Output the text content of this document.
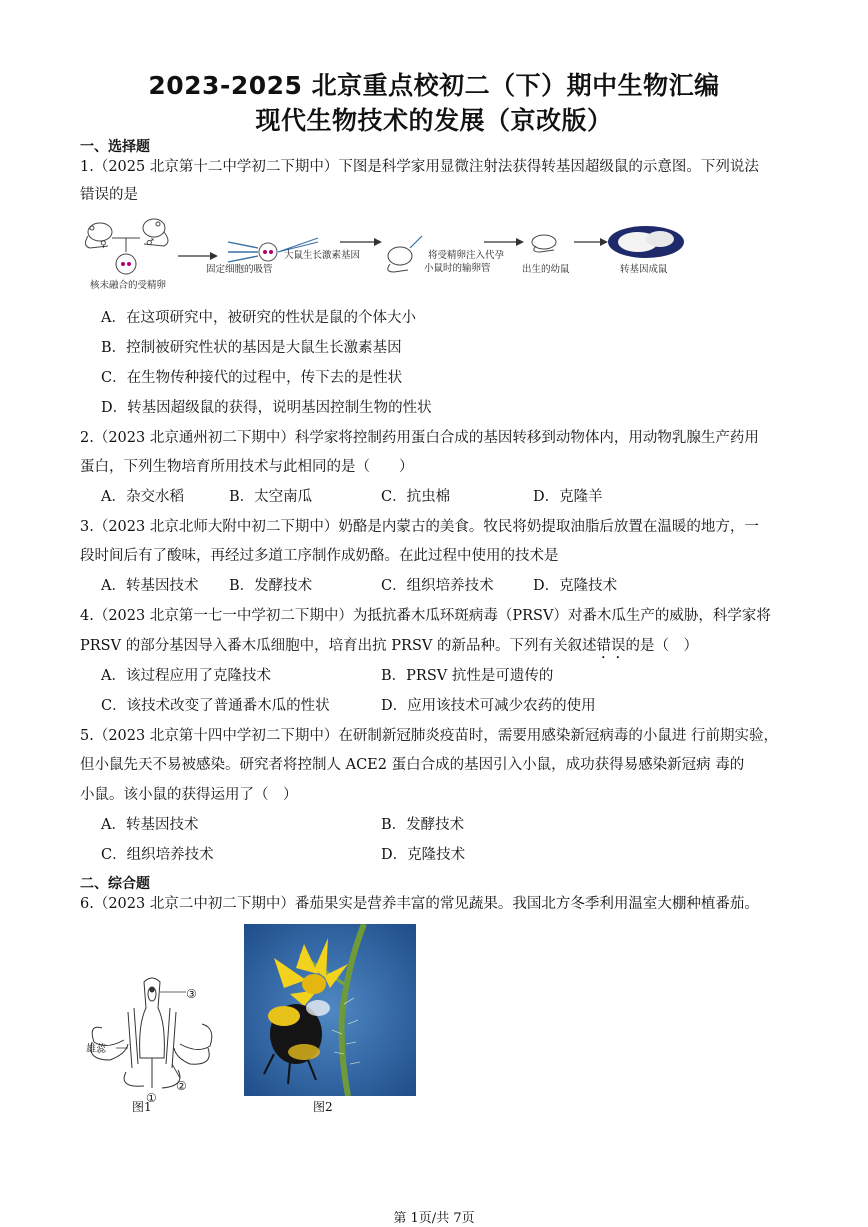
2023-2025 北京重点校初二（下）期中生物汇编
现代生物技术的发展（京改版）
一、选择题
1.（2025 北京第十二中学初二下期中）下图是科学家用显微注射法获得转基因超级鼠的示意图。下列说法
错误的是
♀	♂
核未融合的受精卵
固定细胞的吸管
大鼠生长激素基因	将受精卵注入代孕
小鼠时的输卵管	出生的幼鼠	转基因成鼠
A．在这项研究中，被研究的性状是鼠的个体大小
B．控制被研究性状的基因是大鼠生长激素基因
C．在生物传种接代的过程中，传下去的是性状
D．转基因超级鼠的获得，说明基因控制生物的性状
2.（2023 北京通州初二下期中）科学家将控制药用蛋白合成的基因转移到动物体内，用动物乳腺生产药用
蛋白，下列生物培育所用技术与此相同的是（　　）
A．杂交水稻	B．太空南瓜	C．抗虫棉	D．克隆羊
3.（2023 北京北师大附中初二下期中）奶酪是内蒙古的美食。牧民将奶提取油脂后放置在温暖的地方，一
段时间后有了酸味，再经过多道工序制作成奶酪。在此过程中使用的技术是
A．转基因技术 B．发酵技术	C．组织培养技术	D．克隆技术
4.（2023 北京第一七一中学初二下期中）为抵抗番木瓜环斑病毒（PRSV）对番木瓜生产的威胁，科学家将
PRSV 的部分基因导入番木瓜细胞中，培育出抗 PRSV 的新品种。下列有关叙述错误的是（　）
A．该过程应用了克隆技术	B．PRSV 抗性是可遗传的
C．该技术改变了普通番木瓜的性状	D．应用该技术可减少农药的使用
5.（2023 北京第十四中学初二下期中）在研制新冠肺炎疫苗时，需要用感染新冠病毒的小鼠进 行前期实验，
但小鼠先天不易被感染。研究者将控制人 ACE2 蛋白合成的基因引入小鼠，成功获得易感染新冠病 毒的
小鼠。该小鼠的获得运用了（　）
A．转基因技术	B．发酵技术
C．组织培养技术	D．克隆技术
二、综合题
6.（2023 北京二中初二下期中）番茄果实是营养丰富的常见蔬果。我国北方冬季利用温室大棚种植番茄。
③
雄蕊
①
②
图1	图2
第 1页/共 7页
